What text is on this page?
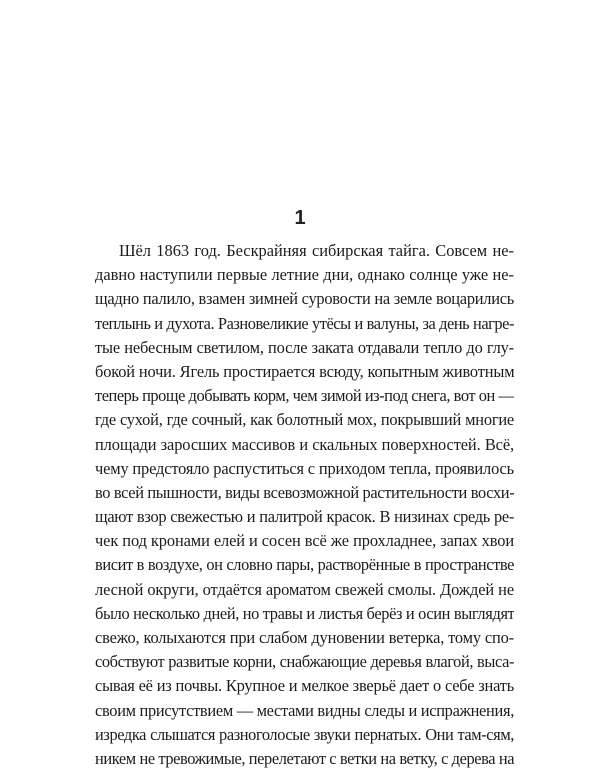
1
Шёл 1863 год. Бескрайняя сибирская тайга. Совсем не-
давно наступили первые летние дни, однако солнце уже не-
щадно палило, взамен зимней суровости на земле воцарились
теплынь и духота. Разновеликие утёсы и валуны, за день нагре-
тые небесным светилом, после заката отдавали тепло до глу-
бокой ночи. Ягель простирается всюду, копытным животным
теперь проще добывать корм, чем зимой из-под снега, вот он —
где сухой, где сочный, как болотный мох, покрывший многие
площади заросших массивов и скальных поверхностей. Всё,
чему предстояло распуститься с приходом тепла, проявилось
во всей пышности, виды всевозможной растительности восхи-
щают взор свежестью и палитрой красок. В низинах средь ре-
чек под кронами елей и сосен всё же прохладнее, запах хвои
висит в воздухе, он словно пары, растворённые в пространстве
лесной округи, отдаётся ароматом свежей смолы. Дождей не
было несколько дней, но травы и листья берёз и осин выглядят
свежо, колыхаются при слабом дуновении ветерка, тому спо-
собствуют развитые корни, снабжающие деревья влагой, выса-
сывая её из почвы. Крупное и мелкое зверьё дает о себе знать
своим присутствием — местами видны следы и испражнения,
изредка слышатся разноголосые звуки пернатых. Они там-сям,
никем не тревожимые, перелетают с ветки на ветку, с дерева на
